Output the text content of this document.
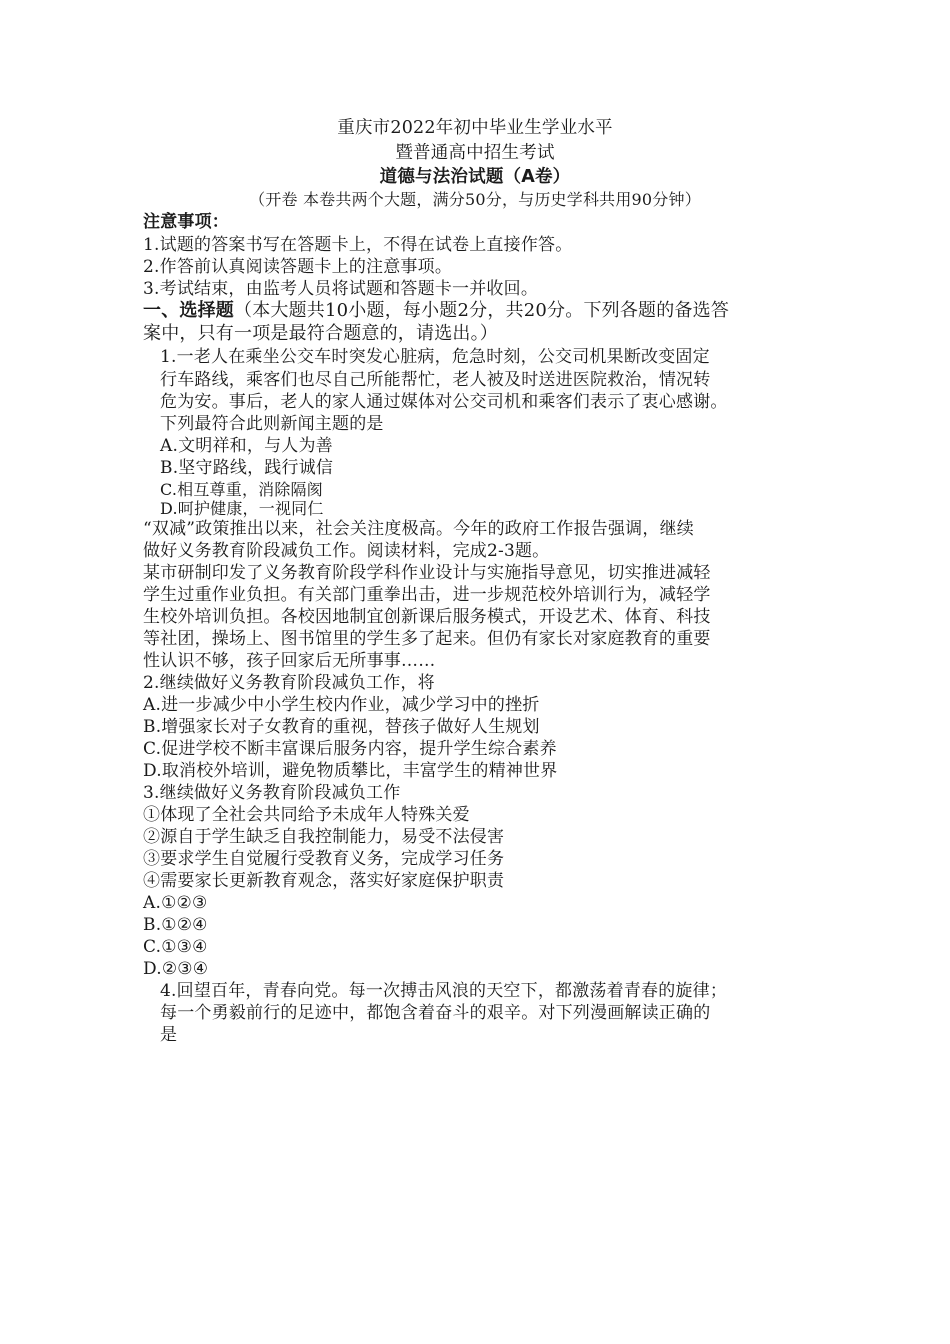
重庆市2022年初中毕业生学业水平
暨普通高中招生考试
道德与法治试题（A卷）
（开卷 本卷共两个大题，满分50分，与历史学科共用90分钟）
注意事项：
1.试题的答案书写在答题卡上，不得在试卷上直接作答。
2.作答前认真阅读答题卡上的注意事项。
3.考试结束，由监考人员将试题和答题卡一并收回。
一、选择题（本大题共10小题，每小题2分，共20分。下列各题的备选答
案中，只有一项是最符合题意的，请选出。）
1.一老人在乘坐公交车时突发心脏病，危急时刻，公交司机果断改变固定
行车路线，乘客们也尽自己所能帮忙，老人被及时送进医院救治，情况转
危为安。事后，老人的家人通过媒体对公交司机和乘客们表示了衷心感谢。
下列最符合此则新闻主题的是
A.文明祥和，与人为善
B.坚守路线，践行诚信
C.相互尊重，消除隔阂
D.呵护健康，一视同仁
“双减”政策推出以来，社会关注度极高。今年的政府工作报告强调，继续
做好义务教育阶段减负工作。阅读材料，完成2-3题。
某市研制印发了义务教育阶段学科作业设计与实施指导意见，切实推进减轻
学生过重作业负担。有关部门重拳出击，进一步规范校外培训行为，减轻学
生校外培训负担。各校因地制宜创新课后服务模式，开设艺术、体育、科技
等社团，操场上、图书馆里的学生多了起来。但仍有家长对家庭教育的重要
性认识不够，孩子回家后无所事事……
2.继续做好义务教育阶段减负工作，将
A.进一步减少中小学生校内作业，减少学习中的挫折
B.增强家长对子女教育的重视，替孩子做好人生规划
C.促进学校不断丰富课后服务内容，提升学生综合素养
D.取消校外培训，避免物质攀比，丰富学生的精神世界
3.继续做好义务教育阶段减负工作
①体现了全社会共同给予未成年人特殊关爱
②源自于学生缺乏自我控制能力，易受不法侵害
③要求学生自觉履行受教育义务，完成学习任务
④需要家长更新教育观念，落实好家庭保护职责
A.①②③
B.①②④
C.①③④
D.②③④
4.回望百年，青春向党。每一次搏击风浪的天空下，都激荡着青春的旋律；
每一个勇毅前行的足迹中，都饱含着奋斗的艰辛。对下列漫画解读正确的
是
